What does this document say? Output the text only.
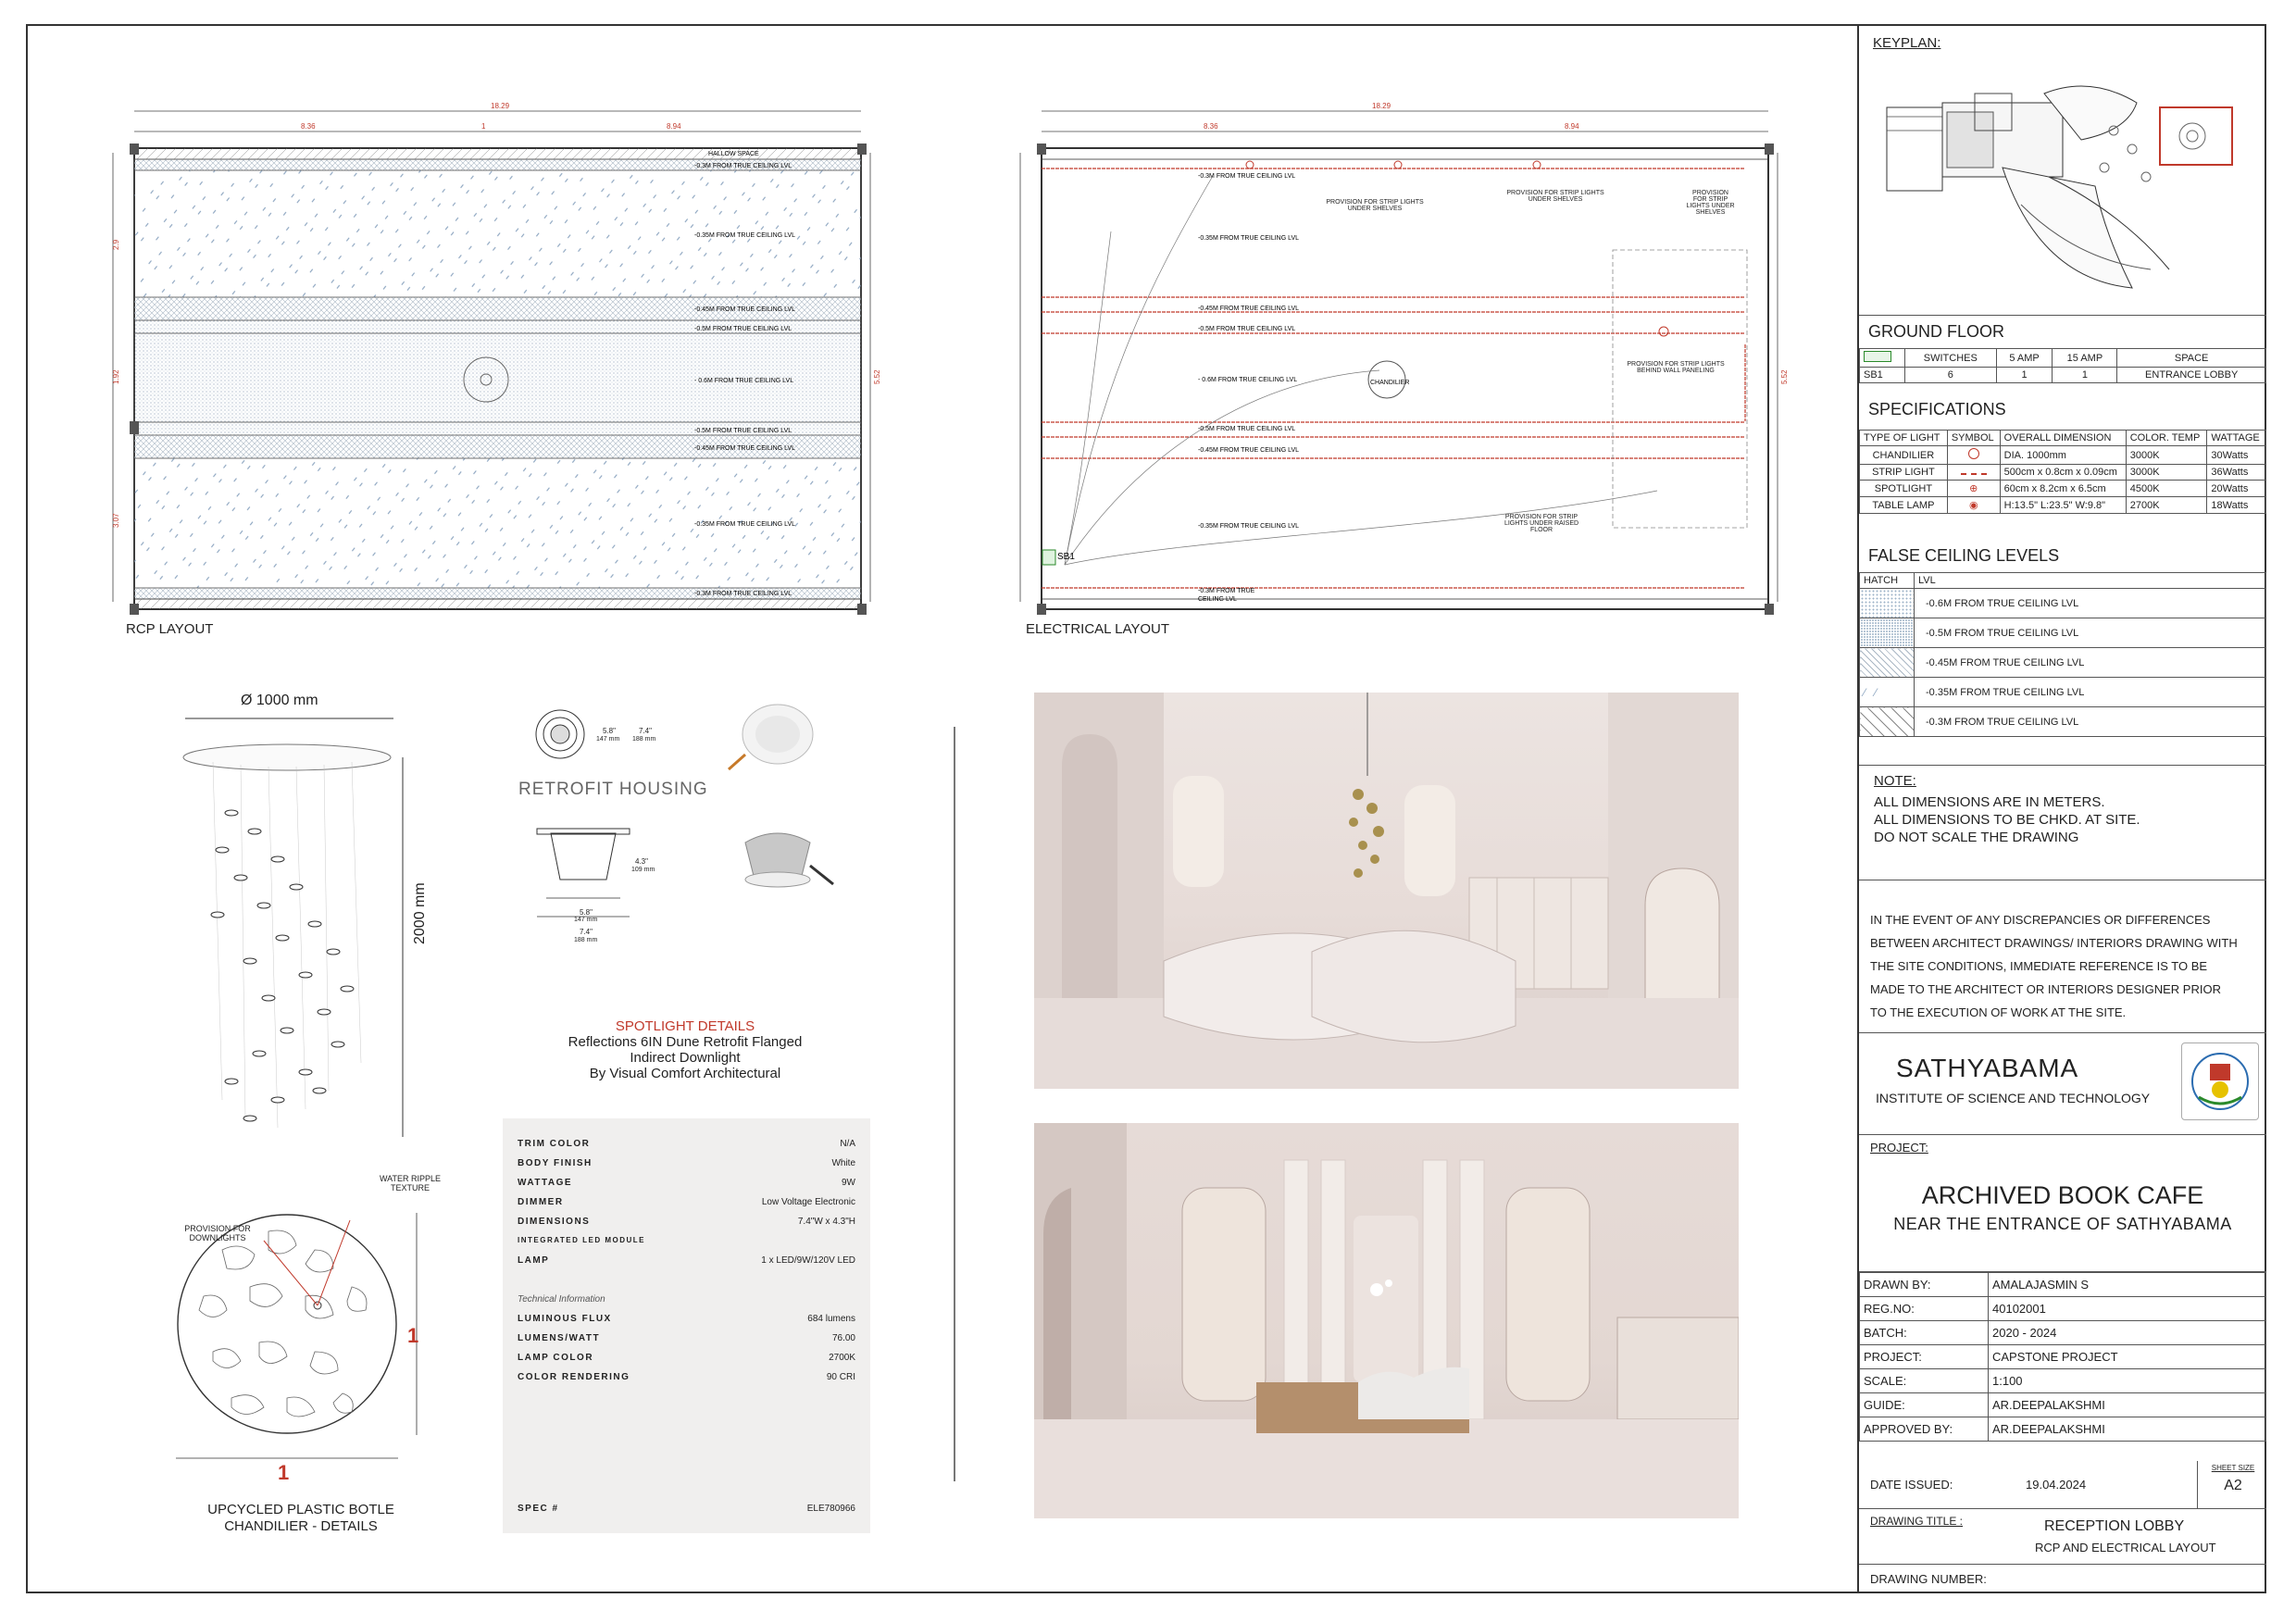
18.29
8.36	1	8.94
1.92	5.52
2.9
3.07
HALLOW SPACE
-0.3M FROM TRUE CEILING LVL
-0.35M FROM TRUE CEILING LVL
-0.45M FROM TRUE CEILING LVL
-0.5M FROM TRUE CEILING LVL
- 0.6M FROM TRUE CEILING LVL
-0.5M FROM TRUE CEILING LVL
-0.45M FROM TRUE CEILING LVL
-0.35M FROM TRUE CEILING LVL
-0.3M FROM TRUE CEILING LVL
RCP LAYOUT
18.29
8.36	8.94
5.52
-0.3M FROM TRUE CEILING LVL
-0.35M FROM TRUE CEILING LVL
-0.45M FROM TRUE CEILING LVL
-0.5M FROM TRUE CEILING LVL
- 0.6M FROM TRUE CEILING LVL
-0.5M FROM TRUE CEILING LVL
-0.45M FROM TRUE CEILING LVL
-0.35M FROM TRUE CEILING LVL
-0.3M FROM TRUE
CEILING LVL
CHANDILIER
SB1
PROVISION FOR STRIP LIGHTS UNDER SHELVES
PROVISION FOR STRIP LIGHTS UNDER SHELVES
PROVISION FOR STRIP LIGHTS UNDER SHELVES
PROVISION FOR STRIP LIGHTS BEHIND WALL PANELING
PROVISION FOR STRIP LIGHTS UNDER RAISED FLOOR
ELECTRICAL LAYOUT
Ø 1000 mm
2000 mm
WATER RIPPLE TEXTURE
PROVISION FOR DOWNLIGHTS
1
1
UPCYCLED PLASTIC BOTLE
CHANDILIER - DETAILS
5.8"
147 mm
7.4"
188 mm
RETROFIT HOUSING
4.3"
109 mm
5.8"
147 mm
7.4"
188 mm
SPOTLIGHT DETAILS
Reflections 6IN Dune Retrofit Flanged
Indirect Downlight
By Visual Comfort Architectural
TRIM COLOR	N/A
BODY FINISH	White
WATTAGE	9W
DIMMER	Low Voltage Electronic
DIMENSIONS	7.4"W x 4.3"H
INTEGRATED LED MODULE
LAMP	1 x LED/9W/120V LED
Technical Information
LUMINOUS FLUX	684 lumens
LUMENS/WATT	76.00
LAMP COLOR	2700K
COLOR RENDERING	90 CRI
SPEC #	ELE780966
KEYPLAN:
GROUND FLOOR
	SWITCHES	5 AMP	15 AMP	SPACE
SB1	6	1	1	ENTRANCE LOBBY
SPECIFICATIONS
TYPE OF LIGHT	SYMBOL	OVERALL DIMENSION	COLOR. TEMP	WATTAGE
CHANDILIER		DIA. 1000mm	3000K	30Watts
STRIP LIGHT		500cm x 0.8cm x 0.09cm	3000K	36Watts
SPOTLIGHT	⊕	60cm x 8.2cm x 6.5cm	4500K	20Watts
TABLE LAMP	◉	H:13.5" L:23.5" W:9.8"	2700K	18Watts
FALSE CEILING LEVELS
HATCH	LVL
	-0.6M FROM TRUE CEILING LVL
	-0.5M FROM TRUE CEILING LVL
	-0.45M FROM TRUE CEILING LVL
⁄   ⁄	-0.35M FROM TRUE CEILING LVL
	-0.3M FROM TRUE CEILING LVL
NOTE:
ALL DIMENSIONS ARE IN METERS.
ALL DIMENSIONS TO BE CHKD. AT SITE.
DO NOT SCALE THE DRAWING
IN THE EVENT OF ANY DISCREPANCIES OR DIFFERENCES
BETWEEN ARCHITECT DRAWINGS/ INTERIORS DRAWING WITH
THE SITE CONDITIONS, IMMEDIATE REFERENCE IS TO BE
MADE TO THE ARCHITECT OR INTERIORS DESIGNER PRIOR
TO THE EXECUTION OF WORK AT THE SITE.
SATHYABAMA
INSTITUTE OF SCIENCE AND TECHNOLOGY
PROJECT:
ARCHIVED BOOK CAFE
NEAR THE ENTRANCE OF SATHYABAMA
DRAWN BY:	AMALAJASMIN S
REG.NO:	40102001
BATCH:	2020 - 2024
PROJECT:	CAPSTONE PROJECT
SCALE:	1:100
GUIDE:	AR.DEEPALAKSHMI
APPROVED BY:	AR.DEEPALAKSHMI
DATE ISSUED:	19.04.2024
SHEET SIZE
A2
DRAWING TITLE :	RECEPTION LOBBY
RCP AND ELECTRICAL LAYOUT
DRAWING NUMBER:
